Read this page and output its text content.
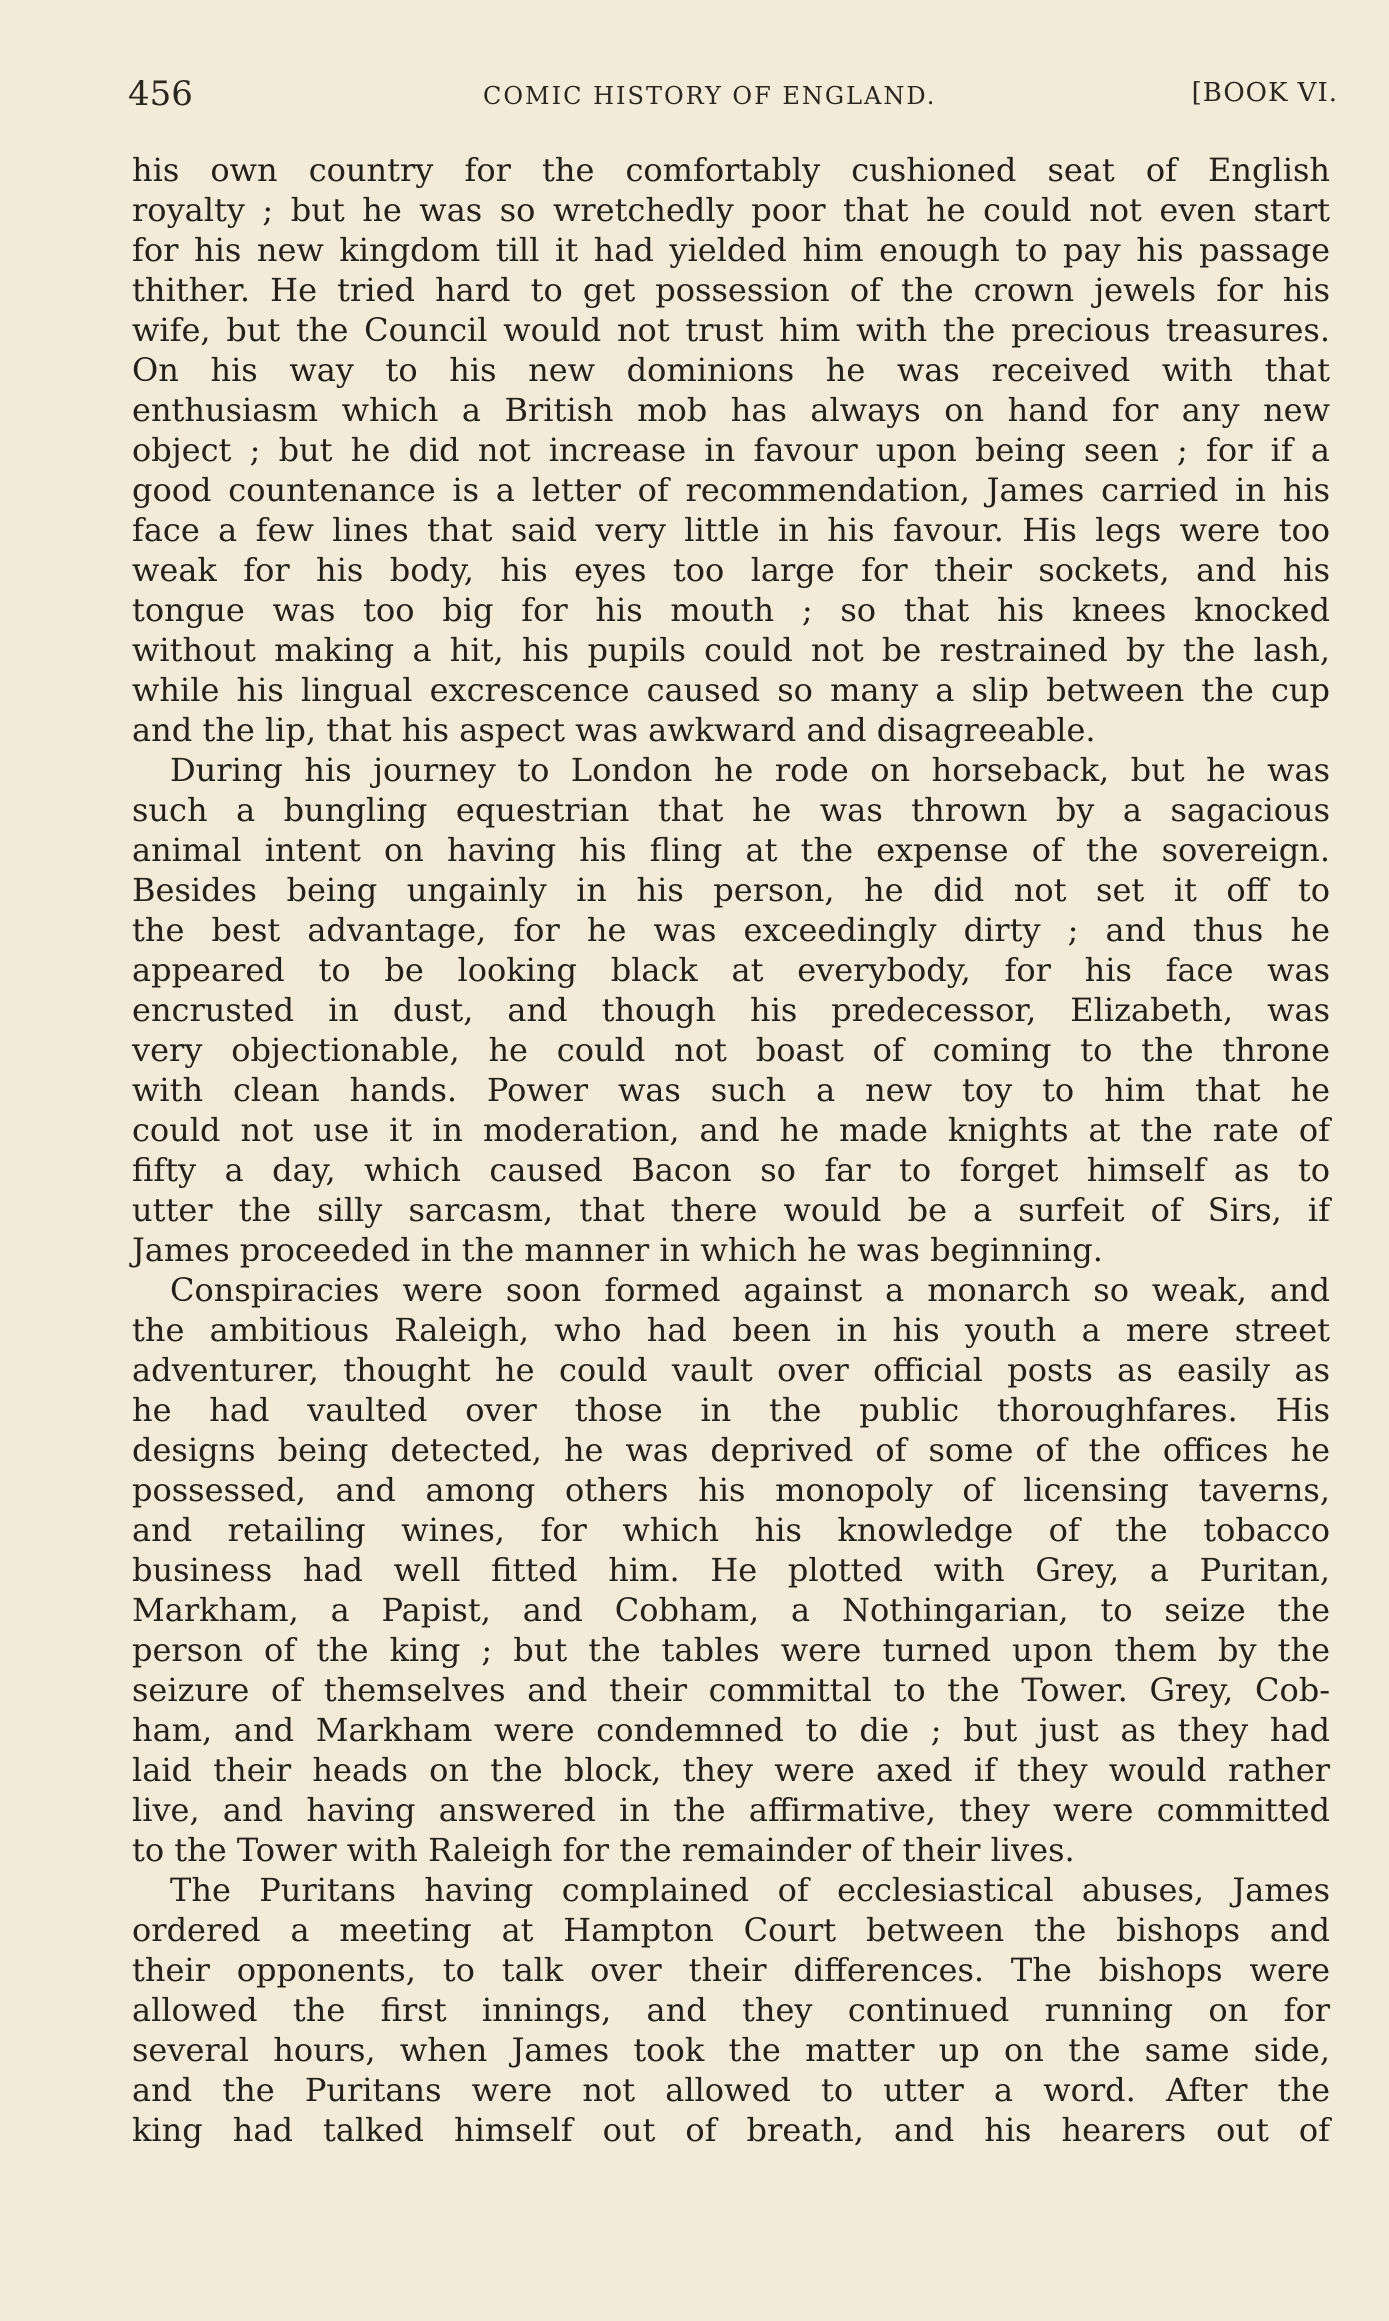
456	COMIC HISTORY OF ENGLAND.	[BOOK VI.
his own country for the comfortably cushioned seat of English
royalty ; but he was so wretchedly poor that he could not even start
for his new kingdom till it had yielded him enough to pay his passage
thither. He tried hard to get possession of the crown jewels for his
wife, but the Council would not trust him with the precious treasures.
On his way to his new dominions he was received with that
enthusiasm which a British mob has always on hand for any new
object ; but he did not increase in favour upon being seen ; for if a
good countenance is a letter of recommendation, James carried in his
face a few lines that said very little in his favour. His legs were too
weak for his body, his eyes too large for their sockets, and his
tongue was too big for his mouth ; so that his knees knocked
without making a hit, his pupils could not be restrained by the lash,
while his lingual excrescence caused so many a slip between the cup
and the lip, that his aspect was awkward and disagreeable.
During his journey to London he rode on horseback, but he was
such a bungling equestrian that he was thrown by a sagacious
animal intent on having his fling at the expense of the sovereign.
Besides being ungainly in his person, he did not set it off to
the best advantage, for he was exceedingly dirty ; and thus he
appeared to be looking black at everybody, for his face was
encrusted in dust, and though his predecessor, Elizabeth, was
very objectionable, he could not boast of coming to the throne
with clean hands. Power was such a new toy to him that he
could not use it in moderation, and he made knights at the rate of
fifty a day, which caused Bacon so far to forget himself as to
utter the silly sarcasm, that there would be a surfeit of Sirs, if
James proceeded in the manner in which he was beginning.
Conspiracies were soon formed against a monarch so weak, and
the ambitious Raleigh, who had been in his youth a mere street
adventurer, thought he could vault over official posts as easily as
he had vaulted over those in the public thoroughfares. His
designs being detected, he was deprived of some of the offices he
possessed, and among others his monopoly of licensing taverns,
and retailing wines, for which his knowledge of the tobacco
business had well fitted him. He plotted with Grey, a Puritan,
Markham, a Papist, and Cobham, a Nothingarian, to seize the
person of the king ; but the tables were turned upon them by the
seizure of themselves and their committal to the Tower. Grey, Cob-
ham, and Markham were condemned to die ; but just as they had
laid their heads on the block, they were axed if they would rather
live, and having answered in the affirmative, they were committed
to the Tower with Raleigh for the remainder of their lives.
The Puritans having complained of ecclesiastical abuses, James
ordered a meeting at Hampton Court between the bishops and
their opponents, to talk over their differences. The bishops were
allowed the first innings, and they continued running on for
several hours, when James took the matter up on the same side,
and the Puritans were not allowed to utter a word. After the
king had talked himself out of breath, and his hearers out of
